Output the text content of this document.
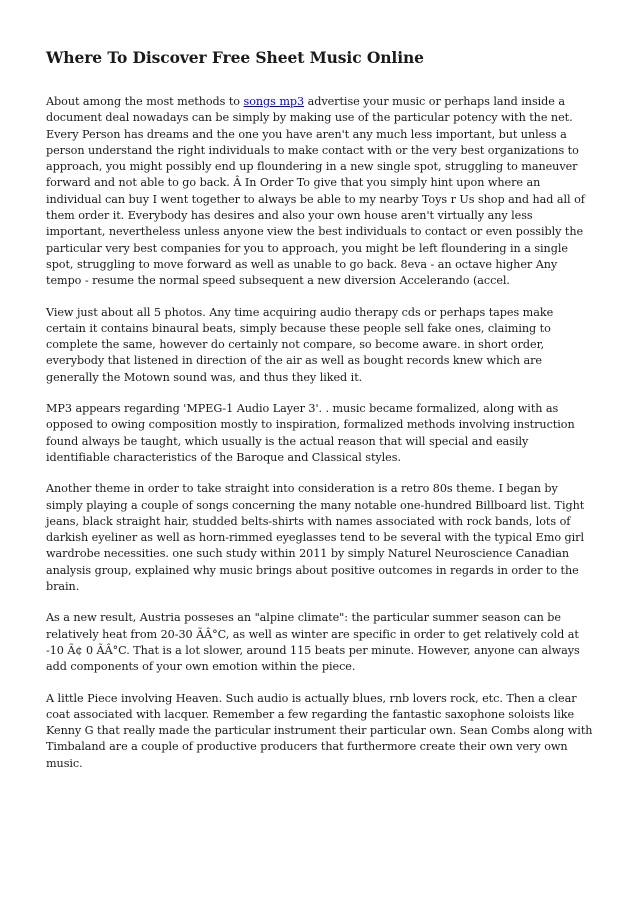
Where To Discover Free Sheet Music Online

About among the most methods to songs mp3 advertise your music or perhaps land inside a document deal nowadays can be simply by making use of the particular potency with the net. Every Person has dreams and the one you have aren't any much less important, but unless a person understand the right individuals to make contact with or the very best organizations to approach, you might possibly end up floundering in a new single spot, struggling to maneuver forward and not able to go back. Â In Order To give that you simply hint upon where an individual can buy I went together to always be able to my nearby Toys r Us shop and had all of them order it. Everybody has desires and also your own house aren't virtually any less important, nevertheless unless anyone view the best individuals to contact or even possibly the particular very best companies for you to approach, you might be left floundering in a single spot, struggling to move forward as well as unable to go back. 8eva - an octave higher Any tempo - resume the normal speed subsequent a new diversion Accelerando (accel.

View just about all 5 photos. Any time acquiring audio therapy cds or perhaps tapes make certain it contains binaural beats, simply because these people sell fake ones, claiming to complete the same, however do certainly not compare, so become aware. in short order, everybody that listened in direction of the air as well as bought records knew which are generally the Motown sound was, and thus they liked it.

MP3 appears regarding 'MPEG-1 Audio Layer 3'. . music became formalized, along with as opposed to owing composition mostly to inspiration, formalized methods involving instruction found always be taught, which usually is the actual reason that will special and easily identifiable characteristics of the Baroque and Classical styles.

Another theme in order to take straight into consideration is a retro 80s theme. I began by simply playing a couple of songs concerning the many notable one-hundred Billboard list. Tight jeans, black straight hair, studded belts-shirts with names associated with rock bands, lots of darkish eyeliner as well as horn-rimmed eyeglasses tend to be several with the typical Emo girl wardrobe necessities. one such study within 2011 by simply Naturel Neuroscience Canadian analysis group, explained why music brings about positive outcomes in regards in order to the brain.

As a new result, Austria posseses an "alpine climate": the particular summer season can be relatively heat from 20-30 ÃÂ°C, as well as winter are specific in order to get relatively cold at -10 Ã¢ 0 ÃÂ°C. That is a lot slower, around 115 beats per minute. However, anyone can always add components of your own emotion within the piece.

A little Piece involving Heaven. Such audio is actually blues, rnb lovers rock, etc. Then a clear coat associated with lacquer. Remember a few regarding the fantastic saxophone soloists like Kenny G that really made the particular instrument their particular own. Sean Combs along with Timbaland are a couple of productive producers that furthermore create their own very own music.
